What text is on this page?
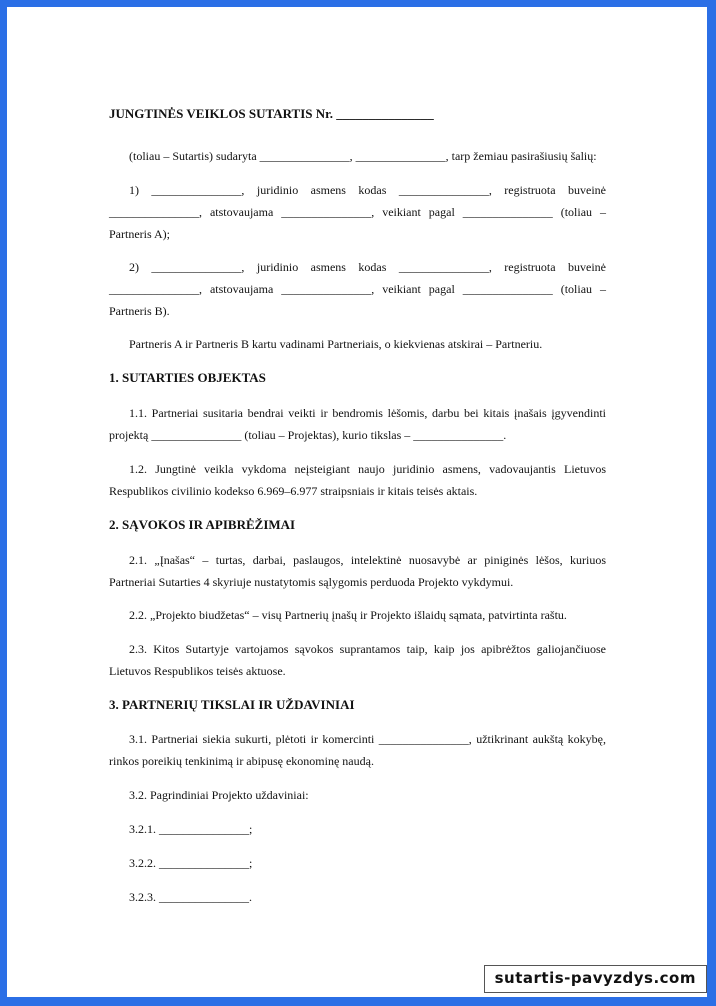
JUNGTINĖS VEIKLOS SUTARTIS Nr. _______________
(toliau – Sutartis) sudaryta _______________, _______________, tarp žemiau pasirašiusių šalių:
1) _______________, juridinio asmens kodas _______________, registruota buveinė _______________, atstovaujama _______________, veikiant pagal _______________ (toliau – Partneris A);
2) _______________, juridinio asmens kodas _______________, registruota buveinė _______________, atstovaujama _______________, veikiant pagal _______________ (toliau – Partneris B).
Partneris A ir Partneris B kartu vadinami Partneriais, o kiekvienas atskirai – Partneriu.
1. SUTARTIES OBJEKTAS
1.1. Partneriai susitaria bendrai veikti ir bendromis lėšomis, darbu bei kitais įnašais įgyvendinti projektą _______________ (toliau – Projektas), kurio tikslas – _______________.
1.2. Jungtinė veikla vykdoma neįsteigiant naujo juridinio asmens, vadovaujantis Lietuvos Respublikos civilinio kodekso 6.969–6.977 straipsniais ir kitais teisės aktais.
2. SĄVOKOS IR APIBRĖŽIMAI
2.1. „Įnašas“ – turtas, darbai, paslaugos, intelektinė nuosavybė ar piniginės lėšos, kuriuos Partneriai Sutarties 4 skyriuje nustatytomis sąlygomis perduoda Projekto vykdymui.
2.2. „Projekto biudžetas“ – visų Partnerių įnašų ir Projekto išlaidų sąmata, patvirtinta raštu.
2.3. Kitos Sutartyje vartojamos sąvokos suprantamos taip, kaip jos apibrėžtos galiojančiuose Lietuvos Respublikos teisės aktuose.
3. PARTNERIŲ TIKSLAI IR UŽDAVINIAI
3.1. Partneriai siekia sukurti, plėtoti ir komercinti _______________, užtikrinant aukštą kokybę, rinkos poreikių tenkinimą ir abipusę ekonominę naudą.
3.2. Pagrindiniai Projekto uždaviniai:
3.2.1. _______________;
3.2.2. _______________;
3.2.3. _______________.
sutartis-pavyzdys.com
